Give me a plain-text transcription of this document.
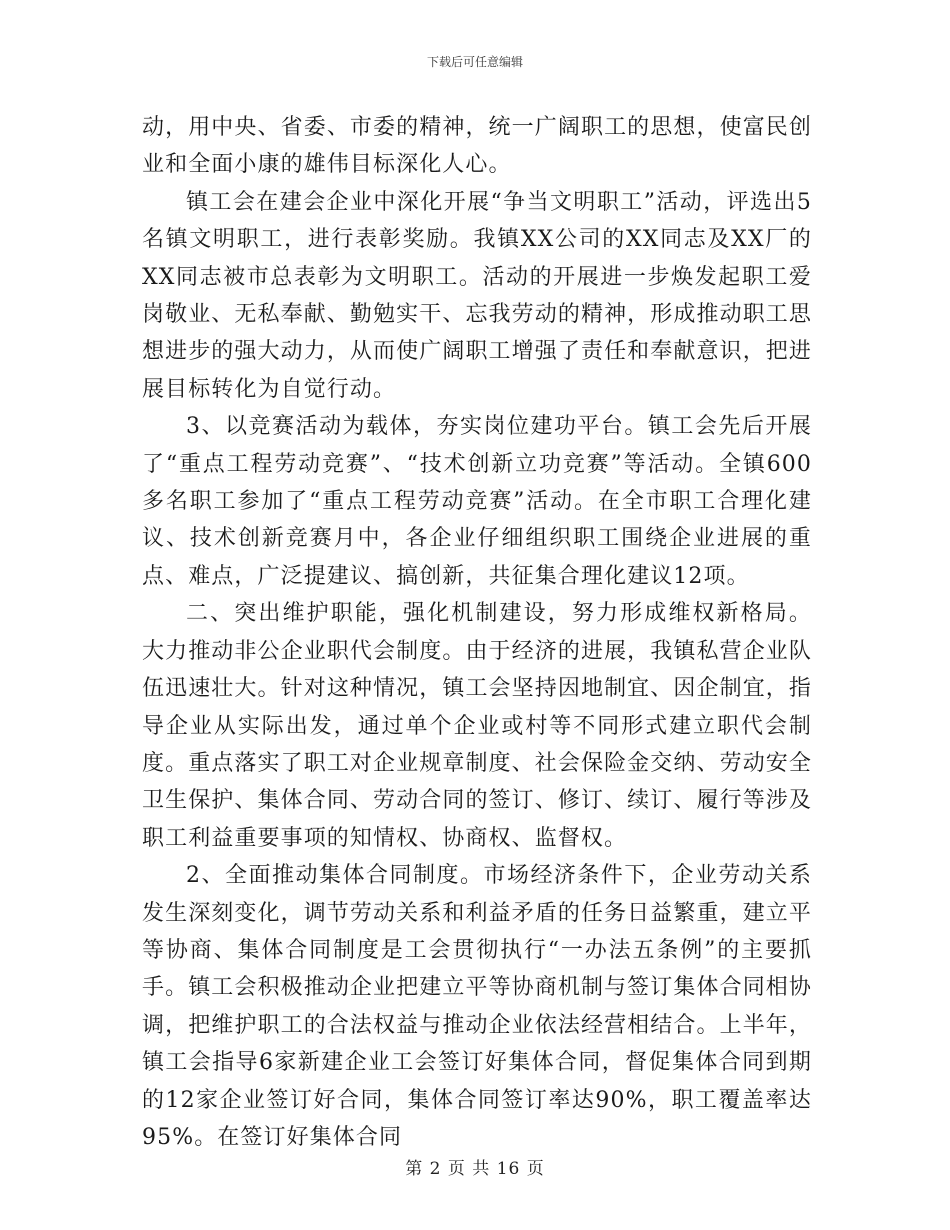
下载后可任意编辑

动，用中央、省委、市委的精神，统一广阔职工的思想，使富民创业和全面小康的雄伟目标深化人心。

镇工会在建会企业中深化开展“争当文明职工”活动，评选出5名镇文明职工，进行表彰奖励。我镇XX公司的XX同志及XX厂的XX同志被市总表彰为文明职工。活动的开展进一步焕发起职工爱岗敬业、无私奉献、勤勉实干、忘我劳动的精神，形成推动职工思想进步的强大动力，从而使广阔职工增强了责任和奉献意识，把进展目标转化为自觉行动。

3、以竞赛活动为载体，夯实岗位建功平台。镇工会先后开展了“重点工程劳动竞赛”、“技术创新立功竞赛”等活动。全镇600多名职工参加了“重点工程劳动竞赛”活动。在全市职工合理化建议、技术创新竞赛月中，各企业仔细组织职工围绕企业进展的重点、难点，广泛提建议、搞创新，共征集合理化建议12项。

二、突出维护职能，强化机制建设，努力形成维权新格局。 大力推动非公企业职代会制度。由于经济的进展，我镇私营企业队伍迅速壮大。针对这种情况，镇工会坚持因地制宜、因企制宜，指导企业从实际出发，通过单个企业或村等不同形式建立职代会制度。重点落实了职工对企业规章制度、社会保险金交纳、劳动安全卫生保护、集体合同、劳动合同的签订、修订、续订、履行等涉及职工利益重要事项的知情权、协商权、监督权。

2、全面推动集体合同制度。市场经济条件下，企业劳动关系发生深刻变化，调节劳动关系和利益矛盾的任务日益繁重，建立平等协商、集体合同制度是工会贯彻执行“一办法五条例”的主要抓手。镇工会积极推动企业把建立平等协商机制与签订集体合同相协调，把维护职工的合法权益与推动企业依法经营相结合。上半年，镇工会指导6家新建企业工会签订好集体合同，督促集体合同到期的12家企业签订好合同，集体合同签订率达90%，职工覆盖率达95%。在签订好集体合同

第 2 页 共 16 页
